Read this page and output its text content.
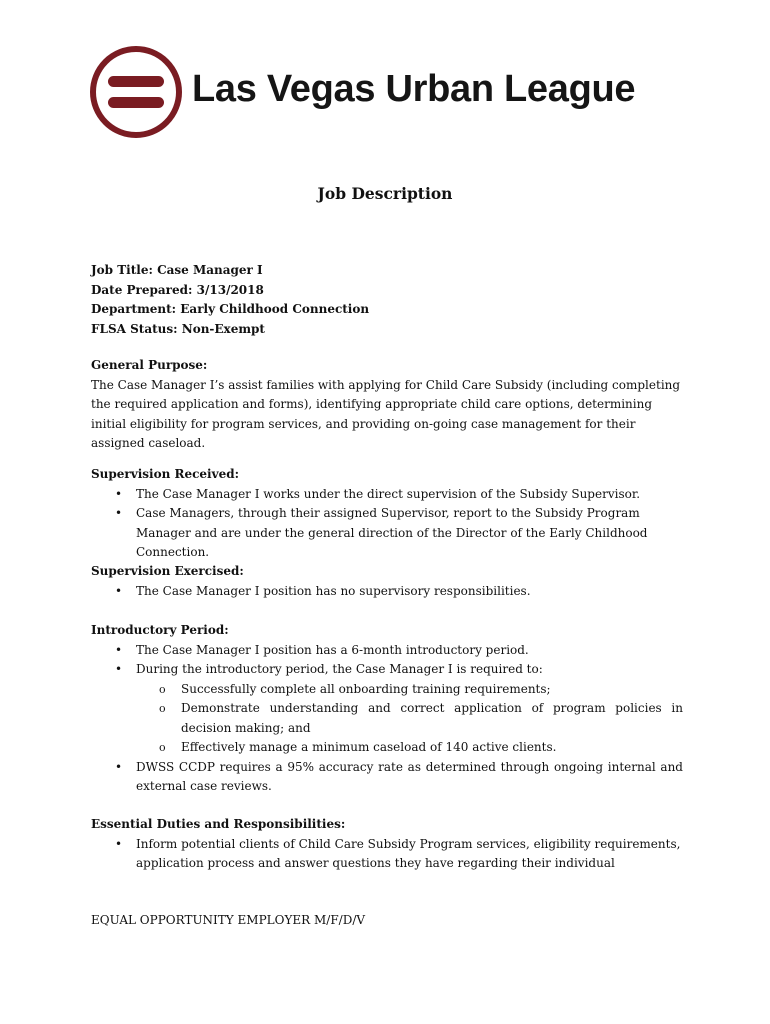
Las Vegas Urban League
Job Description
Job Title: Case Manager I
Date Prepared: 3/13/2018
Department: Early Childhood Connection
FLSA Status: Non-Exempt
General Purpose:

The Case Manager I’s assist families with applying for Child Care Subsidy (including completing the required application and forms), identifying appropriate child care options, determining initial eligibility for program services, and providing on-going case management for their assigned caseload.

Supervision Received:
• The Case Manager I works under the direct supervision of the Subsidy Supervisor.
• Case Managers, through their assigned Supervisor, report to the Subsidy Program Manager and are under the general direction of the Director of the Early Childhood Connection.
Supervision Exercised:
• The Case Manager I position has no supervisory responsibilities.
Introductory Period:
• The Case Manager I position has a 6-month introductory period.
• During the introductory period, the Case Manager I is required to:
o Successfully complete all onboarding training requirements;
o Demonstrate understanding and correct application of program policies in decision making; and
o Effectively manage a minimum caseload of 140 active clients.
• DWSS CCDP requires a 95% accuracy rate as determined through ongoing internal and external case reviews.
Essential Duties and Responsibilities:
• Inform potential clients of Child Care Subsidy Program services, eligibility requirements, application process and answer questions they have regarding their individual
EQUAL OPPORTUNITY EMPLOYER M/F/D/V
